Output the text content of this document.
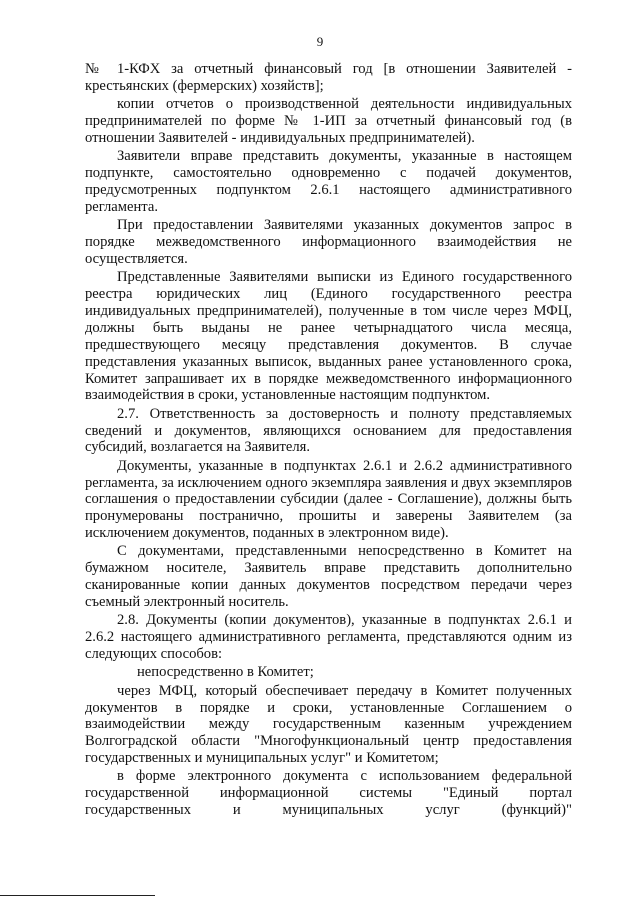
9

№ 1-КФХ за отчетный финансовый год [в отношении Заявителей - крестьянских (фермерских) хозяйств];

копии отчетов о производственной деятельности индивидуальных предпринимателей по форме № 1-ИП за отчетный финансовый год (в отношении Заявителей - индивидуальных предпринимателей).

Заявители вправе представить документы, указанные в настоящем подпункте, самостоятельно одновременно с подачей документов, предусмотренных подпунктом 2.6.1 настоящего административного регламента.

При предоставлении Заявителями указанных документов запрос в порядке межведомственного информационного взаимодействия не осуществляется.

Представленные Заявителями выписки из Единого государственного реестра юридических лиц (Единого государственного реестра индивидуальных предпринимателей), полученные в том числе через МФЦ, должны быть выданы не ранее четырнадцатого числа месяца, предшествующего месяцу представления документов. В случае представления указанных выписок, выданных ранее установленного срока, Комитет запрашивает их в порядке межведомственного информационного взаимодействия в сроки, установленные настоящим подпунктом.

2.7. Ответственность за достоверность и полноту представляемых сведений и документов, являющихся основанием для предоставления субсидий, возлагается на Заявителя.

Документы, указанные в подпунктах 2.6.1 и 2.6.2 административного регламента, за исключением одного экземпляра заявления и двух экземпляров соглашения о предоставлении субсидии (далее - Соглашение), должны быть пронумерованы постранично, прошиты и заверены Заявителем (за исключением документов, поданных в электронном виде).

С документами, представленными непосредственно в Комитет на бумажном носителе, Заявитель вправе представить дополнительно сканированные копии данных документов посредством передачи через съемный электронный носитель.

2.8. Документы (копии документов), указанные в подпунктах 2.6.1 и 2.6.2 настоящего административного регламента, представляются одним из следующих способов:

непосредственно в Комитет;

через МФЦ, который обеспечивает передачу в Комитет полученных документов в порядке и сроки, установленные Соглашением о взаимодействии между государственным казенным учреждением Волгоградской области "Многофункциональный центр предоставления государственных и муниципальных услуг" и Комитетом;

в форме электронного документа с использованием федеральной государственной информационной системы "Единый портал государственных и муниципальных услуг (функций)"
